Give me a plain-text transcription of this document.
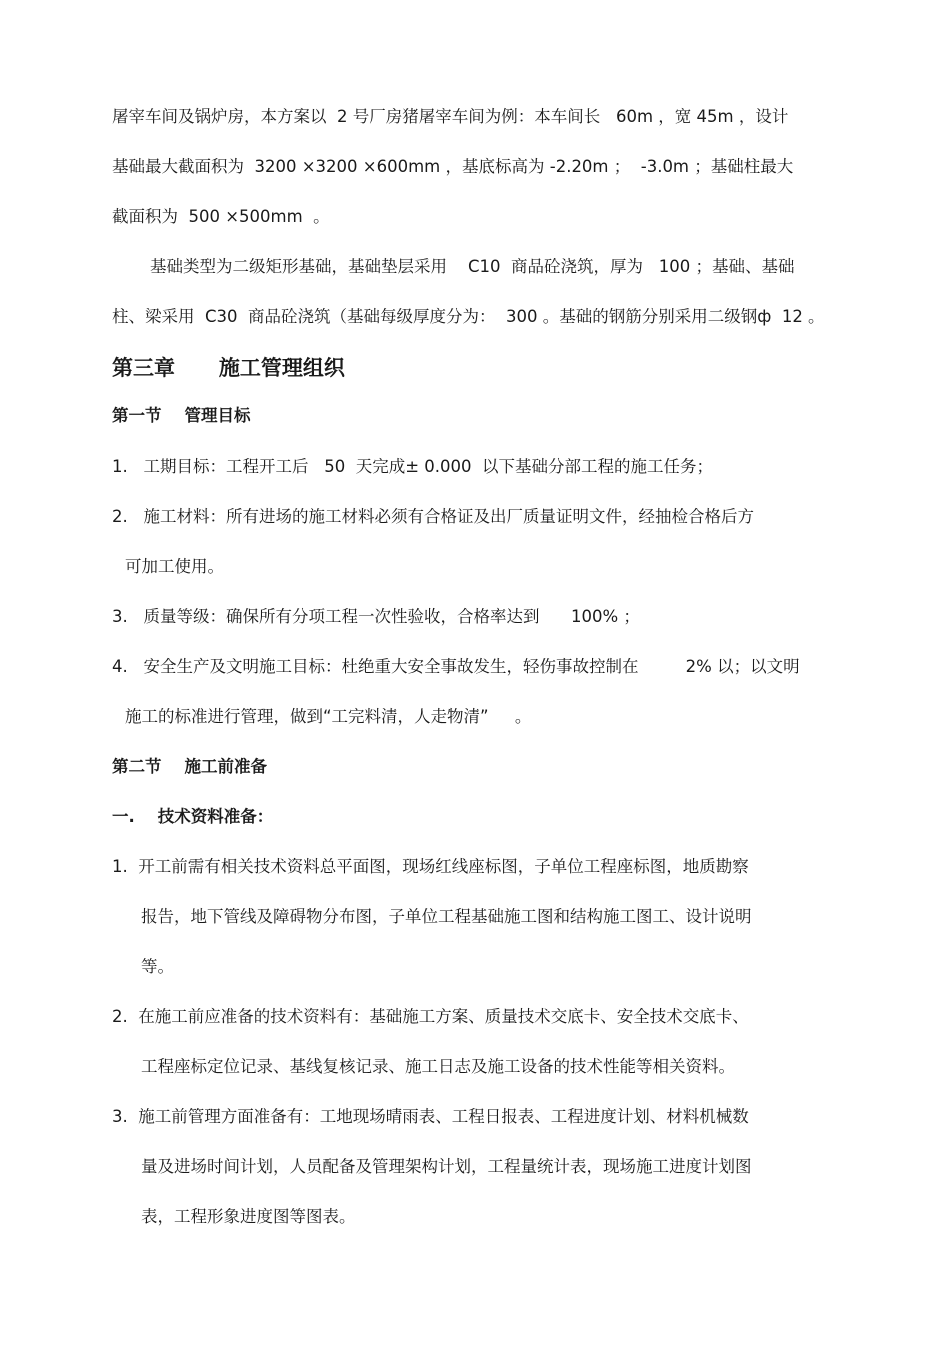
屠宰车间及锅炉房，本方案以  2 号厂房猪屠宰车间为例：本车间长   60m ，宽 45m ，设计

基础最大截面积为  3200 ×3200 ×600mm ，基底标高为 -2.20m ；  -3.0m ；基础柱最大

截面积为  500 ×500mm  。

基础类型为二级矩形基础，基础垫层采用    C10  商品砼浇筑，厚为   100 ；基础、基础

柱、梁采用  C30  商品砼浇筑（基础每级厚度分为：  300 。基础的钢筋分别采用二级钢ф  12 。

第三章      施工管理组织
第一节    管理目标

1.   工期目标：工程开工后   50  天完成± 0.000  以下基础分部工程的施工任务；

2.   施工材料：所有进场的施工材料必须有合格证及出厂质量证明文件，经抽检合格后方

可加工使用。

3.   质量等级：确保所有分项工程一次性验收，合格率达到      100% ；

4.   安全生产及文明施工目标：杜绝重大安全事故发生，轻伤事故控制在         2% 以；以文明

施工的标准进行管理，做到“工完料清，人走物清”     。

第二节    施工前准备
一.    技术资料准备：

1.  开工前需有相关技术资料总平面图，现场红线座标图，子单位工程座标图，地质勘察

报告，地下管线及障碍物分布图，子单位工程基础施工图和结构施工图工、设计说明

等。

2.  在施工前应准备的技术资料有：基础施工方案、质量技术交底卡、安全技术交底卡、

工程座标定位记录、基线复核记录、施工日志及施工设备的技术性能等相关资料。

3.  施工前管理方面准备有：工地现场晴雨表、工程日报表、工程进度计划、材料机械数

量及进场时间计划，人员配备及管理架构计划，工程量统计表，现场施工进度计划图

表，工程形象进度图等图表。
